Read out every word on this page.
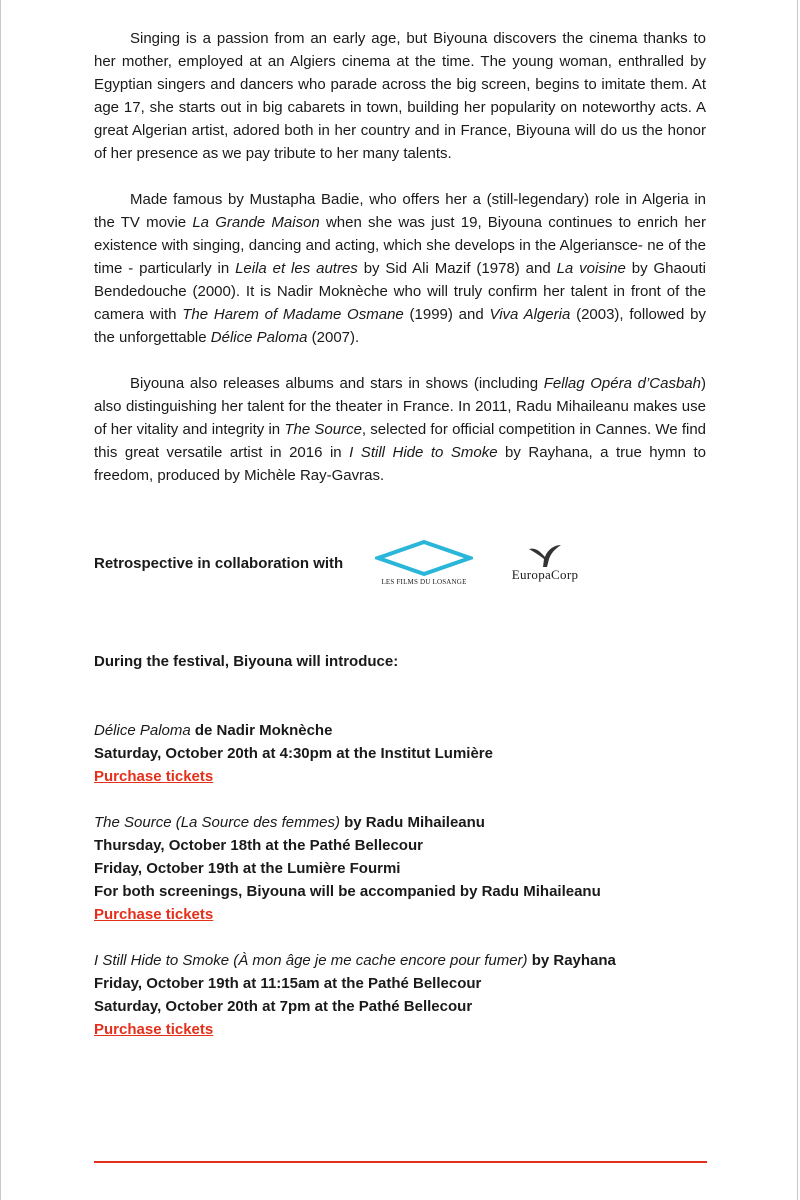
Singing is a passion from an early age, but Biyouna discovers the cinema thanks to her mother, employed at an Algiers cinema at the time. The young woman, enthralled by Egyptian singers and dancers who parade across the big screen, begins to imitate them. At age 17, she starts out in big cabarets in town, building her popularity on noteworthy acts. A great Algerian artist, adored both in her country and in France, Biyouna will do us the honor of her presence as we pay tribute to her many talents.

Made famous by Mustapha Badie, who offers her a (still-legendary) role in Algeria in the TV movie La Grande Maison when she was just 19, Biyouna continues to enrich her existence with singing, dancing and acting, which she develops in the Algeriansce- ne of the time - particularly in Leila et les autres by Sid Ali Mazif (1978) and La voisine by Ghaouti Bendedouche (2000). It is Nadir Moknèche who will truly confirm her talent in front of the camera with The Harem of Madame Osmane (1999) and Viva Algeria (2003), followed by the unforgettable Délice Paloma (2007).

Biyouna also releases albums and stars in shows (including Fellag Opéra d’Casbah) also distinguishing her talent for the theater in France. In 2011, Radu Mihaileanu makes use of her vitality and integrity in The Source, selected for official competition in Cannes. We find this great versatile artist in 2016 in I Still Hide to Smoke by Rayhana, a true hymn to freedom, produced by Michèle Ray-Gavras.

Retrospective in collaboration with
LES FILMS DU LOSANGE	EuropaCorp
During the festival, Biyouna will introduce:
Délice Paloma de Nadir Moknèche
Saturday, October 20th at 4:30pm at the Institut Lumière
Purchase tickets
The Source (La Source des femmes) by Radu Mihaileanu
Thursday, October 18th at the Pathé Bellecour
Friday, October 19th at the Lumière Fourmi
For both screenings, Biyouna will be accompanied by Radu Mihaileanu
Purchase tickets
I Still Hide to Smoke (À mon âge je me cache encore pour fumer) by Rayhana
Friday, October 19th at 11:15am at the Pathé Bellecour
Saturday, October 20th at 7pm at the Pathé Bellecour
Purchase tickets
